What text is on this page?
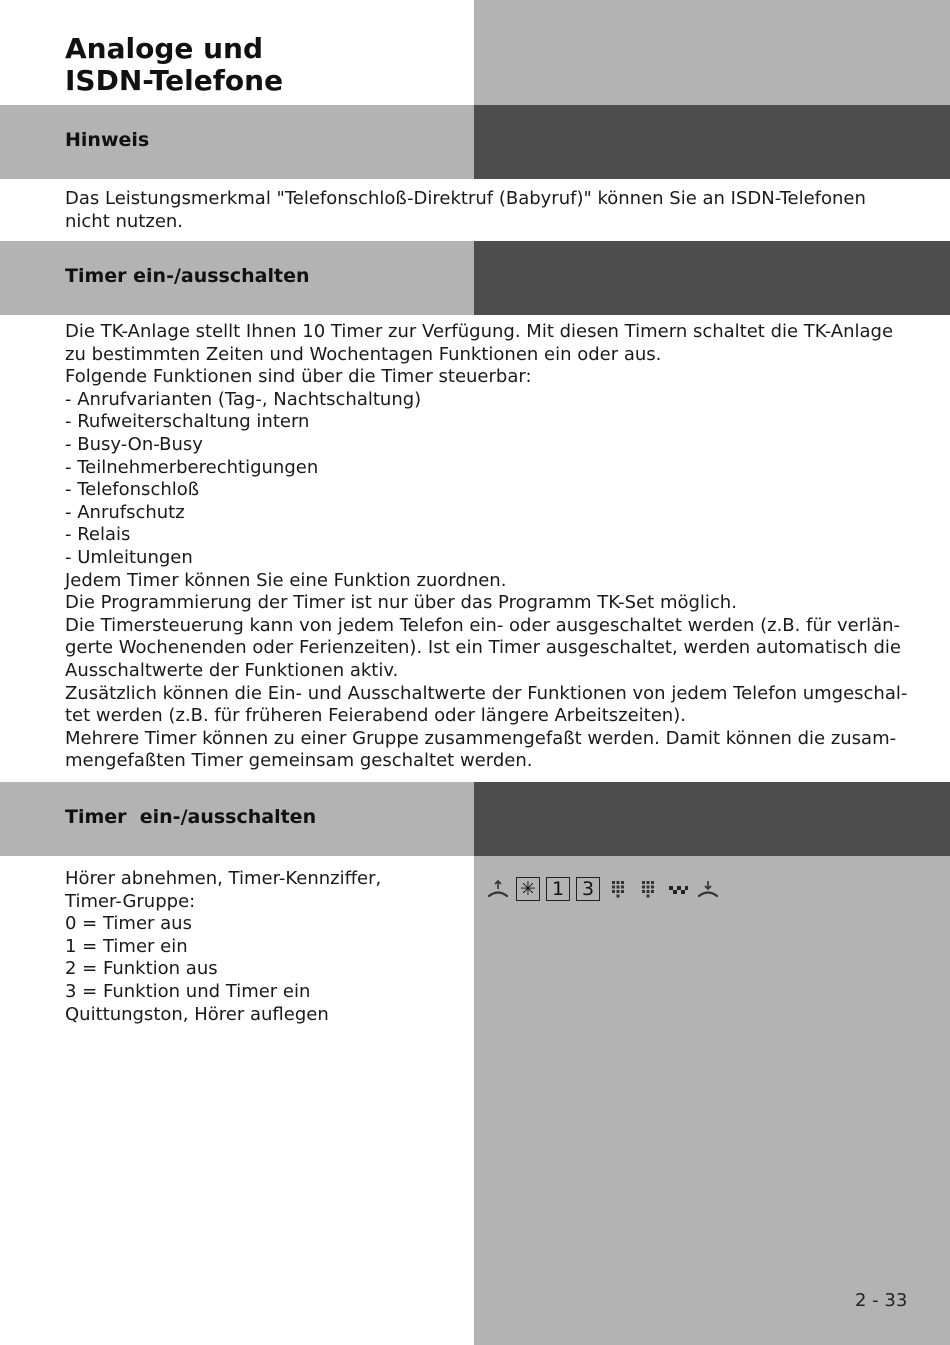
Analoge und
ISDN-Telefone
Hinweis
Das Leistungsmerkmal "Telefonschloß-Direktruf (Babyruf)" können Sie an ISDN-Telefonen
nicht nutzen.
Timer ein-/ausschalten
Die TK-Anlage stellt Ihnen 10 Timer zur Verfügung. Mit diesen Timern schaltet die TK-Anlage
zu bestimmten Zeiten und Wochentagen Funktionen ein oder aus.
Folgende Funktionen sind über die Timer steuerbar:
- Anrufvarianten (Tag-, Nachtschaltung)
- Rufweiterschaltung intern
- Busy-On-Busy
- Teilnehmerberechtigungen
- Telefonschloß
- Anrufschutz
- Relais
- Umleitungen
Jedem Timer können Sie eine Funktion zuordnen.
Die Programmierung der Timer ist nur über das Programm TK-Set möglich.
Die Timersteuerung kann von jedem Telefon ein- oder ausgeschaltet werden (z.B. für verlän-
gerte Wochenenden oder Ferienzeiten). Ist ein Timer ausgeschaltet, werden automatisch die
Ausschaltwerte der Funktionen aktiv.
Zusätzlich können die Ein- und Ausschaltwerte der Funktionen von jedem Telefon umgeschal-
tet werden (z.B. für früheren Feierabend oder längere Arbeitszeiten).
Mehrere Timer können zu einer Gruppe zusammengefaßt werden. Damit können die zusam-
mengefaßten Timer gemeinsam geschaltet werden.
Timer  ein-/ausschalten
Hörer abnehmen, Timer-Kennziffer,
Timer-Gruppe:
0 = Timer aus
1 = Timer ein
2 = Funktion aus
3 = Funktion und Timer ein
Quittungston, Hörer auflegen
✳ 1 3
2 - 33
